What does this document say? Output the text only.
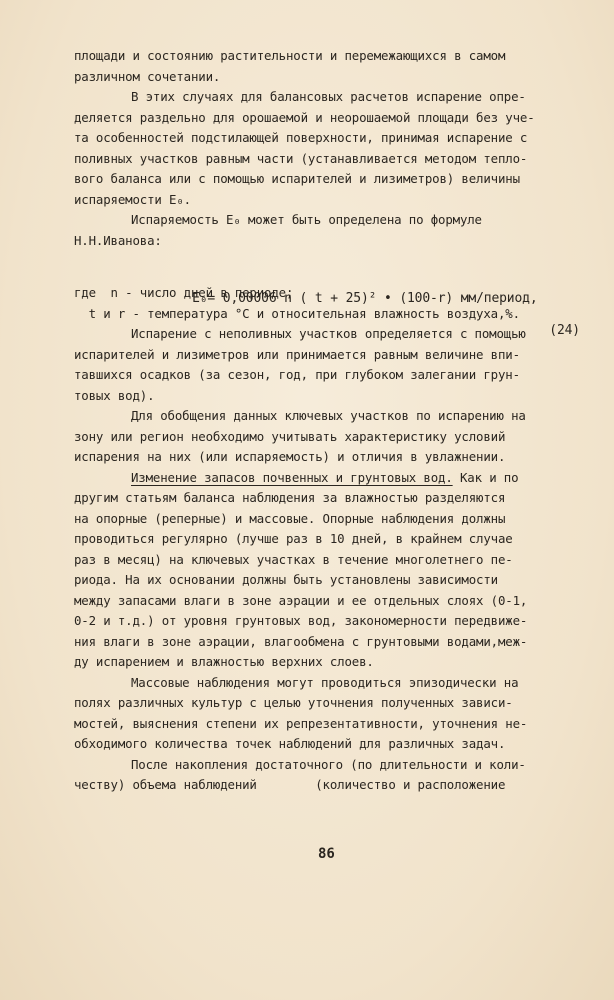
площади и состоянию растительности и перемежающихся в самом
различном сочетании.
В этих случаях для балансовых расчетов испарение опре-
деляется раздельно для орошаемой и неорошаемой площади без уче-
та особенностей подстилающей поверхности, принимая испарение с
поливных участков равным части (устанавливается методом тепло-
вого баланса или с помощью испарителей и лизиметров) величины
испаряемости E₀.
Испаряемость E₀ может быть определена по формуле
Н.Н.Иванова:

E₀= 0,00006 n ( t + 25)² • (100-r) мм/период,

(24)

где  n - число дней в периоде;
t и r - температура °С и относительная влажность воздуха,%.
Испарение с неполивных участков определяется с помощью
испарителей и лизиметров или принимается равным величине впи-
тавшихся осадков (за сезон, год, при глубоком залегании грун-
товых вод).
Для обобщения данных ключевых участков по испарению на
зону или регион необходимо учитывать характеристику условий
испарения на них (или испаряемость) и отличия в увлажнении.
Изменение запасов почвенных и грунтовых вод. Как и по
другим статьям баланса наблюдения за влажностью разделяются
на опорные (реперные) и массовые. Опорные наблюдения должны
проводиться регулярно (лучше раз в 10 дней, в крайнем случае
раз в месяц) на ключевых участках в течение многолетнего пе-
риода. На их основании должны быть установлены зависимости
между запасами влаги в зоне аэрации и ее отдельных слоях (0-1,
0-2 и т.д.) от уровня грунтовых вод, закономерности передвиже-
ния влаги в зоне аэрации, влагообмена с грунтовыми водами,меж-
ду испарением и влажностью верхних слоев.
Массовые наблюдения могут проводиться эпизодически на
полях различных культур с целью уточнения полученных зависи-
мостей, выяснения степени их репрезентативности, уточнения не-
обходимого количества точек наблюдений для различных задач.
После накопления достаточного (по длительности и коли-
честву) объема наблюдений        (количество и расположение
86
